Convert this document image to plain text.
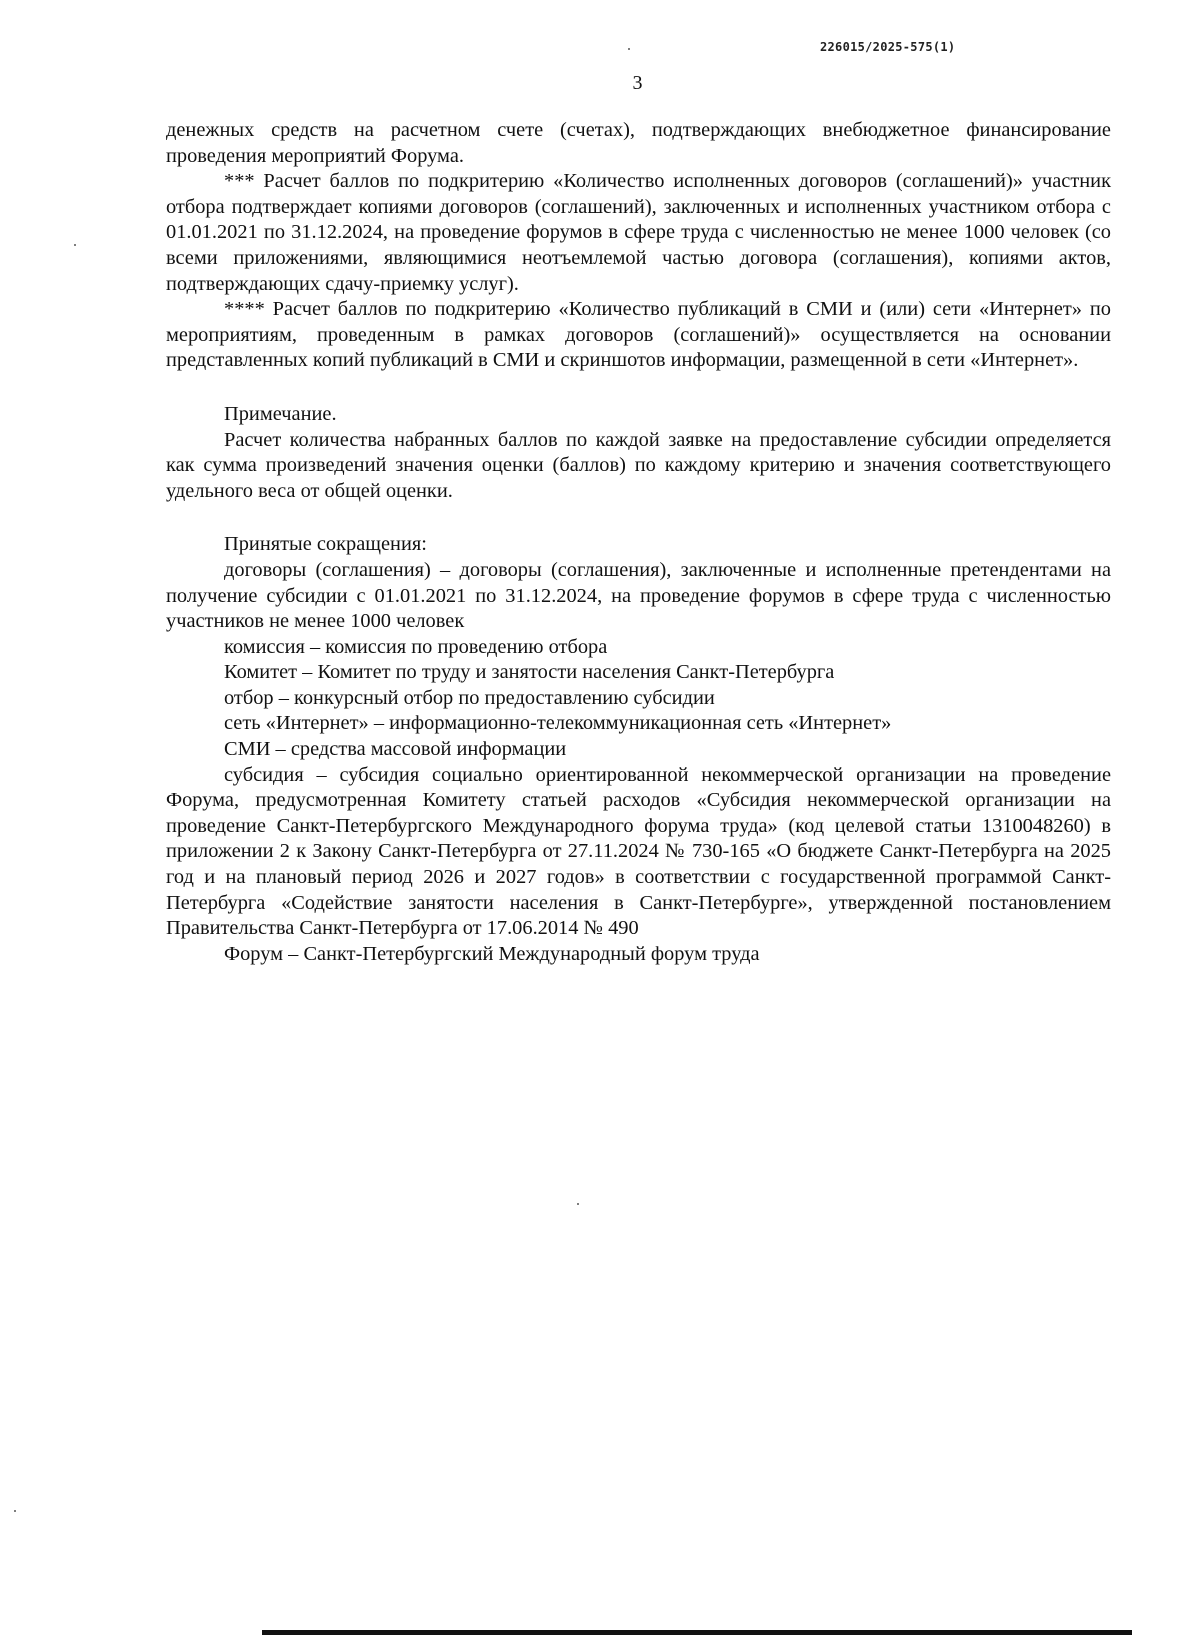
226015/2025-575(1)
3

денежных средств на расчетном счете (счетах), подтверждающих внебюджетное финансирование проведения мероприятий Форума.

*** Расчет баллов по подкритерию «Количество исполненных договоров (соглашений)» участник отбора подтверждает копиями договоров (соглашений), заключенных и исполненных участником отбора с 01.01.2021 по 31.12.2024, на проведение форумов в сфере труда с численностью не менее 1000 человек (со всеми приложениями, являющимися неотъемлемой частью договора (соглашения), копиями актов, подтверждающих сдачу-приемку услуг).

**** Расчет баллов по подкритерию «Количество публикаций в СМИ и (или) сети «Интернет» по мероприятиям, проведенным в рамках договоров (соглашений)» осуществляется на основании представленных копий публикаций в СМИ и скриншотов информации, размещенной в сети «Интернет».

Примечание.

Расчет количества набранных баллов по каждой заявке на предоставление субсидии определяется как сумма произведений значения оценки (баллов) по каждому критерию и значения соответствующего удельного веса от общей оценки.

Принятые сокращения:

договоры (соглашения) – договоры (соглашения), заключенные и исполненные претендентами на получение субсидии с 01.01.2021 по 31.12.2024, на проведение форумов в сфере труда с численностью участников не менее 1000 человек

комиссия – комиссия по проведению отбора

Комитет – Комитет по труду и занятости населения Санкт-Петербурга

отбор – конкурсный отбор по предоставлению субсидии

сеть «Интернет» – информационно-телекоммуникационная сеть «Интернет»

СМИ – средства массовой информации

субсидия – субсидия социально ориентированной некоммерческой организации на проведение Форума, предусмотренная Комитету статьей расходов «Субсидия некоммерческой организации на проведение Санкт-Петербургского Международного форума труда» (код целевой статьи 1310048260) в приложении 2 к Закону Санкт-Петербурга от 27.11.2024 № 730-165 «О бюджете Санкт-Петербурга на 2025 год и на плановый период 2026 и 2027 годов» в соответствии с государственной программой Санкт-Петербурга «Содействие занятости населения в Санкт-Петербурге», утвержденной постановлением Правительства Санкт-Петербурга от 17.06.2014 № 490

Форум – Санкт-Петербургский Международный форум труда
